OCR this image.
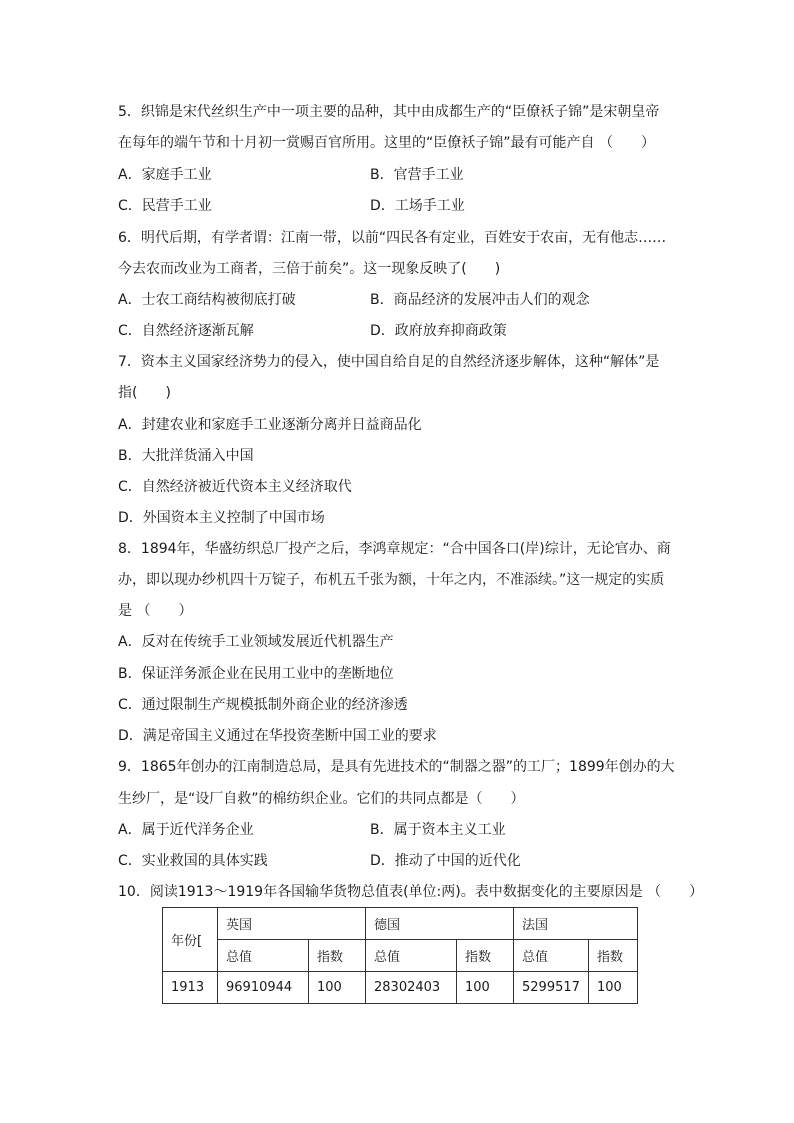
5．织锦是宋代丝织生产中一项主要的品种，其中由成都生产的“臣僚袄子锦”是宋朝皇帝
在每年的端午节和十月初一赏赐百官所用。这里的“臣僚袄子锦”最有可能产自 （　　）
A．家庭手工业	B．官营手工业
C．民营手工业	D．工场手工业
6．明代后期，有学者谓：江南一带，以前“四民各有定业，百姓安于农亩，无有他志……
今去农而改业为工商者，三倍于前矣”。这一现象反映了(　　)
A．士农工商结构被彻底打破	B．商品经济的发展冲击人们的观念
C．自然经济逐渐瓦解	D．政府放弃抑商政策
7．资本主义国家经济势力的侵入，使中国自给自足的自然经济逐步解体，这种“解体”是
指(　　)
A．封建农业和家庭手工业逐渐分离并日益商品化
B．大批洋货涌入中国
C．自然经济被近代资本主义经济取代
D．外国资本主义控制了中国市场
8．1894年，华盛纺织总厂投产之后，李鸿章规定：“合中国各口(岸)综计，无论官办、商
办，即以现办纱机四十万锭子，布机五千张为额，十年之内，不准添续。”这一规定的实质
是 （　　）
A．反对在传统手工业领域发展近代机器生产
B．保证洋务派企业在民用工业中的垄断地位
C．通过限制生产规模抵制外商企业的经济渗透
D．满足帝国主义通过在华投资垄断中国工业的要求
9．1865年创办的江南制造总局，是具有先进技术的“制器之器”的工厂；1899年创办的大
生纱厂，是“设厂自救”的棉纺织企业。它们的共同点都是（　　）
A．属于近代洋务企业	B．属于资本主义工业
C．实业救国的具体实践	D．推动了中国的近代化
10．阅读1913～1919年各国输华货物总值表(单位:两)。表中数据变化的主要原因是 （　　）
年份[	英国		德国		法国	
	总值	指数	总值	指数	总值	指数
1913	96910944	100	28302403	100	5299517	100
